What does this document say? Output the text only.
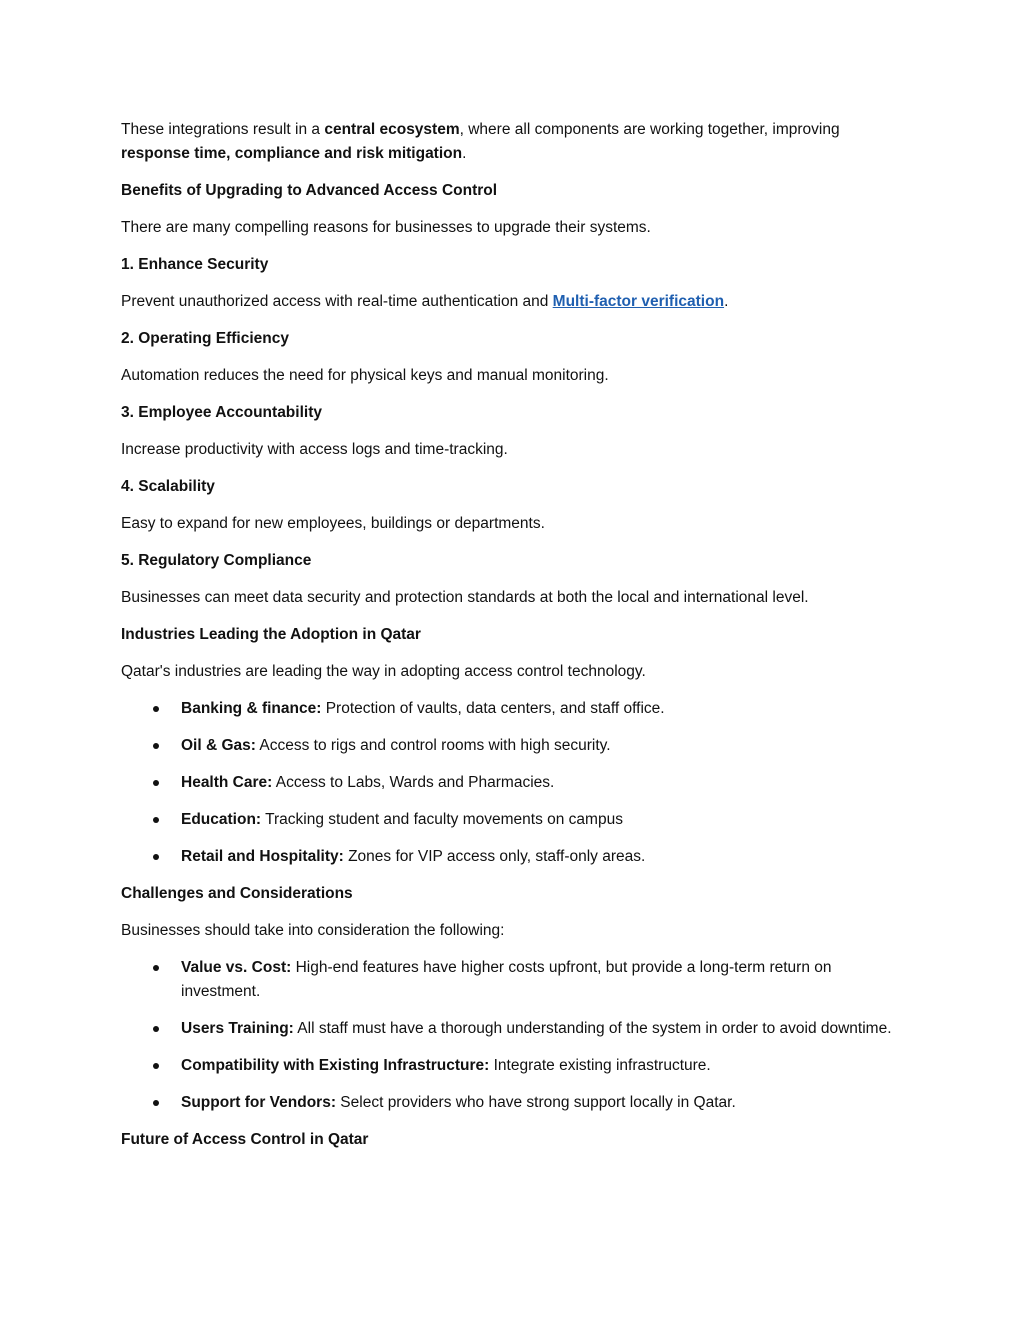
These integrations result in a central ecosystem, where all components are working together, improving response time, compliance and risk mitigation.

Benefits of Upgrading to Advanced Access Control

There are many compelling reasons for businesses to upgrade their systems.

1. Enhance Security

Prevent unauthorized access with real-time authentication and Multi-factor verification.

2. Operating Efficiency

Automation reduces the need for physical keys and manual monitoring.

3. Employee Accountability

Increase productivity with access logs and time-tracking.

4. Scalability

Easy to expand for new employees, buildings or departments.

5. Regulatory Compliance

Businesses can meet data security and protection standards at both the local and international level.

Industries Leading the Adoption in Qatar

Qatar's industries are leading the way in adopting access control technology.

Banking & finance: Protection of vaults, data centers, and staff office.
Oil & Gas: Access to rigs and control rooms with high security.
Health Care: Access to Labs, Wards and Pharmacies.
Education: Tracking student and faculty movements on campus
Retail and Hospitality: Zones for VIP access only, staff-only areas.

Challenges and Considerations

Businesses should take into consideration the following:

Value vs. Cost: High-end features have higher costs upfront, but provide a long-term return on investment.
Users Training: All staff must have a thorough understanding of the system in order to avoid downtime.
Compatibility with Existing Infrastructure: Integrate existing infrastructure.
Support for Vendors: Select providers who have strong support locally in Qatar.

Future of Access Control in Qatar
